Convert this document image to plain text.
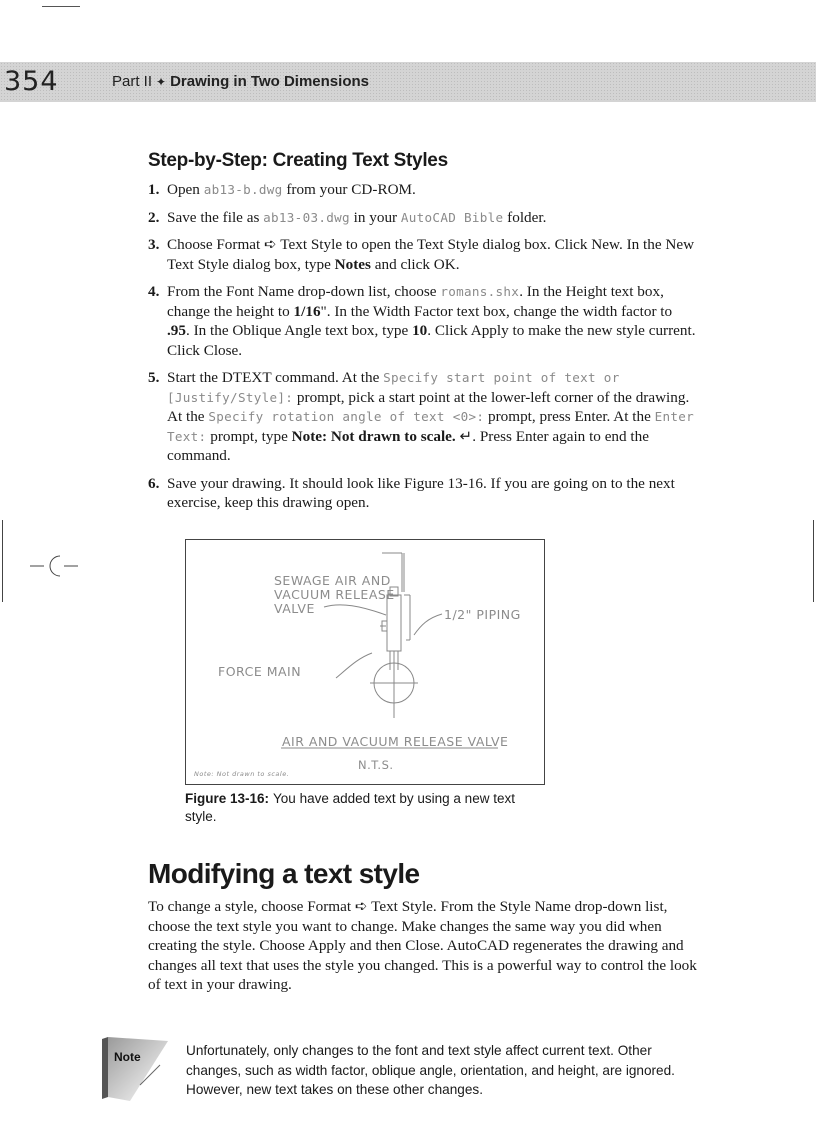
354	Part II ✦ Drawing in Two Dimensions
Step-by-Step: Creating Text Styles
1. Open ab13-b.dwg from your CD-ROM.
2. Save the file as ab13-03.dwg in your AutoCAD Bible folder.
3. Choose Format ➪ Text Style to open the Text Style dialog box. Click New. In the New Text Style dialog box, type Notes and click OK.
4. From the Font Name drop-down list, choose romans.shx. In the Height text box, change the height to 1/16". In the Width Factor text box, change the width factor to .95. In the Oblique Angle text box, type 10. Click Apply to make the new style current. Click Close.
5. Start the DTEXT command. At the Specify start point of text or [Justify/Style]: prompt, pick a start point at the lower-left corner of the drawing. At the Specify rotation angle of text <0>: prompt, press Enter. At the Enter Text: prompt, type Note: Not drawn to scale. ↵. Press Enter again to end the command.
6. Save your drawing. It should look like Figure 13-16. If you are going on to the next exercise, keep this drawing open.
SEWAGE AIR AND
VACUUM RELEASE
VALVE	1/2" PIPING
FORCE MAIN
AIR AND VACUUM RELEASE VALVE
N.T.S.
Note: Not drawn to scale.
Figure 13-16: You have added text by using a new text style.
Modifying a text style

To change a style, choose Format ➪ Text Style. From the Style Name drop-down list, choose the text style you want to change. Make changes the same way you did when creating the style. Choose Apply and then Close. AutoCAD regenerates the drawing and changes all text that uses the style you changed. This is a powerful way to control the look of text in your drawing.

Note	Unfortunately, only changes to the font and text style affect current text. Other changes, such as width factor, oblique angle, orientation, and height, are ignored. However, new text takes on these other changes.
